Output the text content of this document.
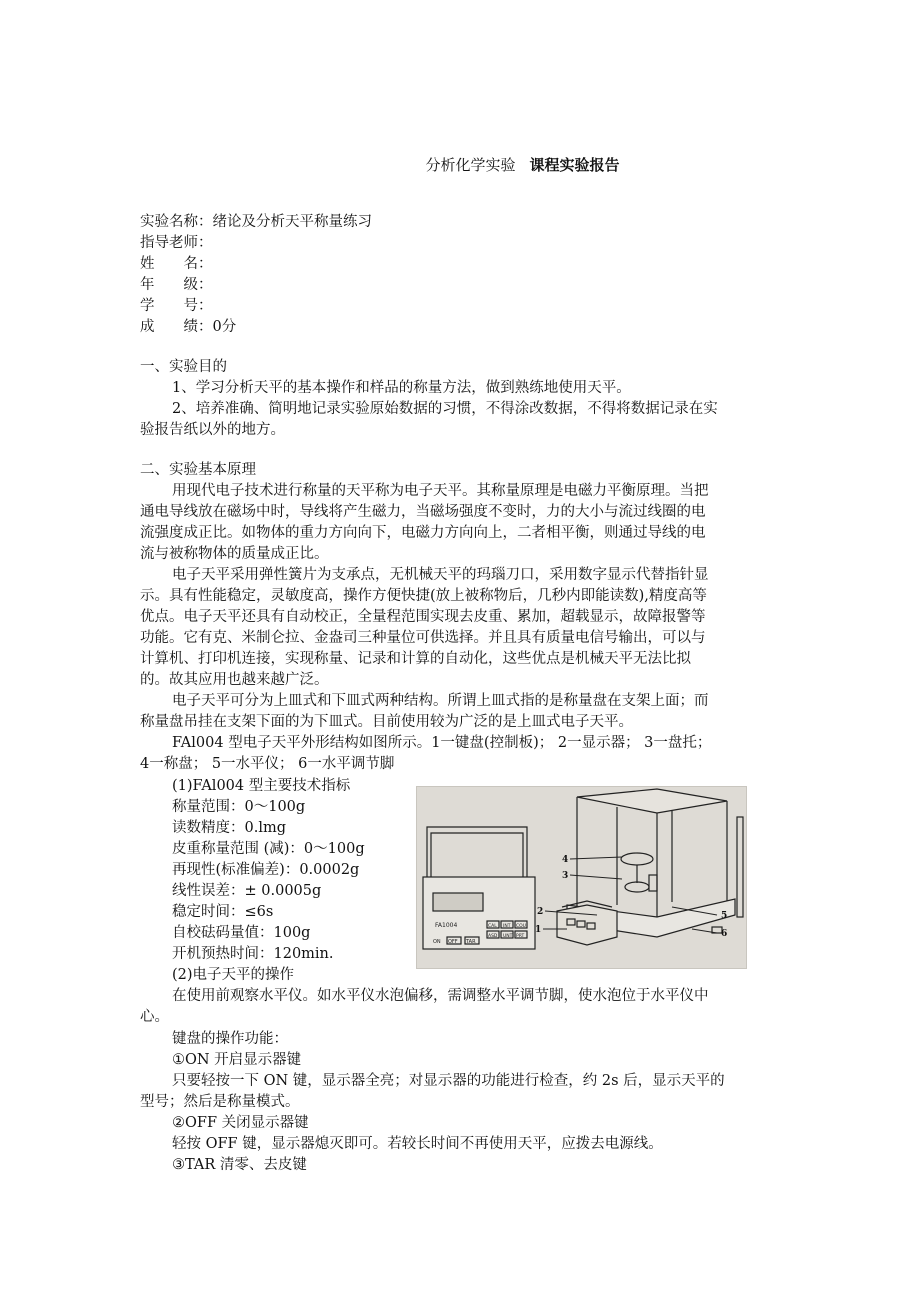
分析化学实验 课程实验报告
实验名称：绪论及分析天平称量练习
指导老师：
姓　　名：
年　　级：
学　　号：
成　　绩：0分
一、实验目的
1、学习分析天平的基本操作和样品的称量方法，做到熟练地使用天平。
2、培养准确、简明地记录实验原始数据的习惯，不得涂改数据，不得将数据记录在实
验报告纸以外的地方。
二、实验基本原理
用现代电子技术进行称量的天平称为电子天平。其称量原理是电磁力平衡原理。当把
通电导线放在磁场中时，导线将产生磁力，当磁场强度不变时，力的大小与流过线圈的电
流强度成正比。如物体的重力方向向下，电磁力方向向上，二者相平衡，则通过导线的电
流与被称物体的质量成正比。
电子天平采用弹性簧片为支承点，无机械天平的玛瑙刀口，采用数字显示代替指针显
示。具有性能稳定，灵敏度高，操作方便快捷(放上被称物后，几秒内即能读数),精度高等
优点。电子天平还具有自动校正，全量程范围实现去皮重、累加，超载显示，故障报警等
功能。它有克、米制仑拉、金盎司三种量位可供选择。并且具有质量电信号输出，可以与
计算机、打印机连接，实现称量、记录和计算的自动化，这些优点是机械天平无法比拟
的。故其应用也越来越广泛。
电子天平可分为上皿式和下皿式两种结构。所谓上皿式指的是称量盘在支架上面；而
称量盘吊挂在支架下面的为下皿式。目前使用较为广泛的是上皿式电子天平。
FAl004 型电子天平外形结构如图所示。1一键盘(控制板)； 2一显示器； 3一盘托；
4一称盘； 5一水平仪； 6一水平调节脚
(1)FAl004 型主要技术指标
称量范围：0～100g
读数精度：0.lmg
皮重称量范围 (减)：0～100g
再现性(标准偏差)：0.0002g
线性误差：± 0.0005g
稳定时间：≤6s
自校砝码量值：100g
开机预热时间：120min.
(2)电子天平的操作
在使用前观察水平仪。如水平仪水泡偏移，需调整水平调节脚，使水泡位于水平仪中
心。
键盘的操作功能：
①ON 开启显示器键
只要轻按一下 ON 键，显示器全亮；对显示器的功能进行检查，约 2s 后，显示天平的
型号；然后是称量模式。
②OFF 关闭显示器键
轻按 OFF 键，显示器熄灭即可。若较长时间不再使用天平，应拨去电源线。
③TAR 清零、去皮键
FA1004
ON OFF TAR
CAL INT COU
ASD UNT PRT
4
3
2
1
5
6
